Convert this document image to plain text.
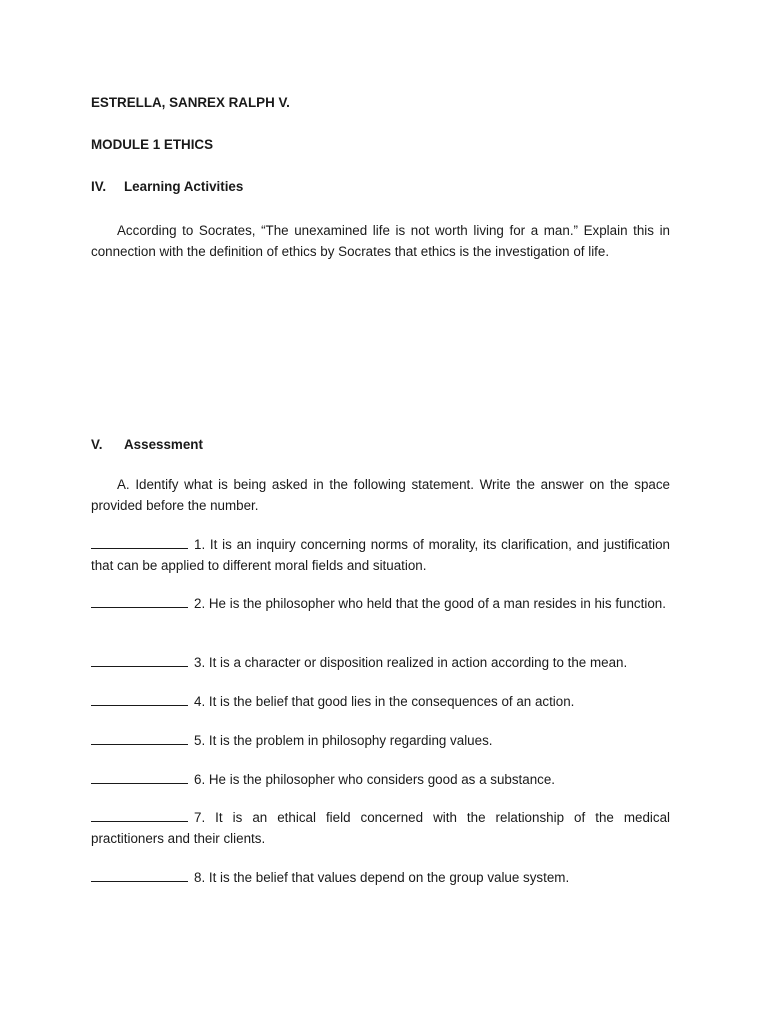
ESTRELLA, SANREX RALPH V.
MODULE 1 ETHICS
IV. Learning Activities
According to Socrates, “The unexamined life is not worth living for a man.” Explain this in connection with the definition of ethics by Socrates that ethics is the investigation of life.
V. Assessment
A. Identify what is being asked in the following statement. Write the answer on the space provided before the number.
1. It is an inquiry concerning norms of morality, its clarification, and justification that can be applied to different moral fields and situation.
2. He is the philosopher who held that the good of a man resides in his function.
3. It is a character or disposition realized in action according to the mean.
4. It is the belief that good lies in the consequences of an action.
5. It is the problem in philosophy regarding values.
6. He is the philosopher who considers good as a substance.
7. It is an ethical field concerned with the relationship of the medical practitioners and their clients.
8. It is the belief that values depend on the group value system.
